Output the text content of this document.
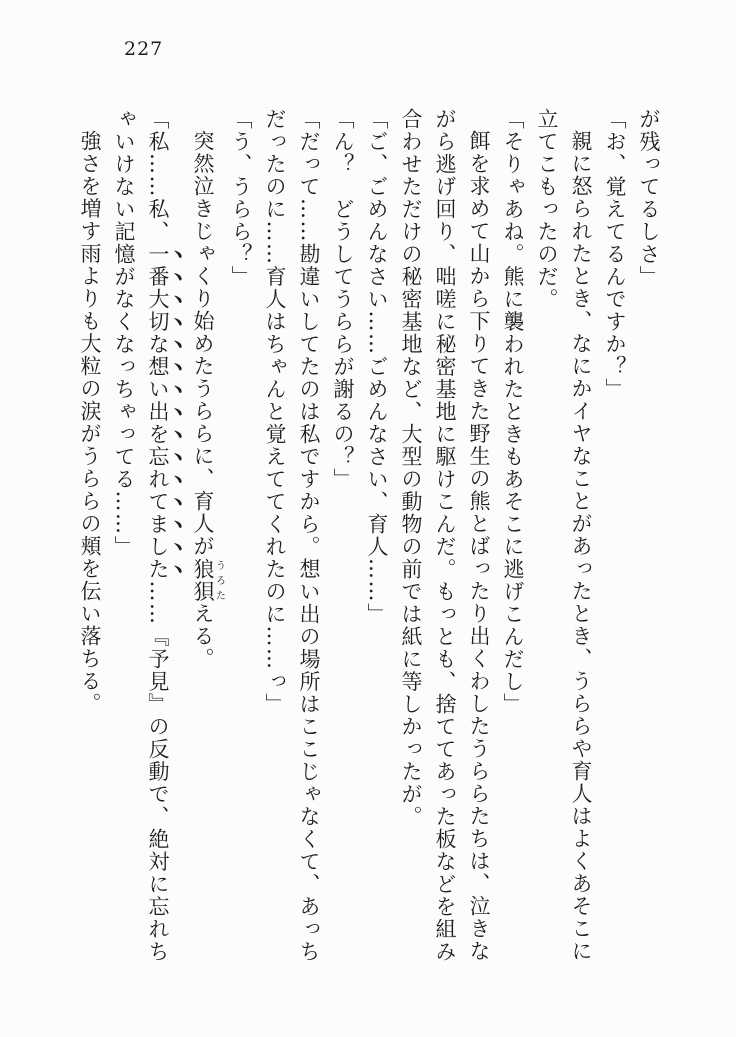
227

が残ってるしさ」

「お、覚えてるんですか？」

親に怒られたとき、なにかイヤなことがあったとき、うららや育人はよくあそこに

立てこもったのだ。

「そりゃあね。熊に襲われたときもあそこに逃げこんだし」

餌を求めて山から下りてきた野生の熊とばったり出くわしたうららたちは、泣きな

がら逃げ回り、咄嗟に秘密基地に駆けこんだ。もっとも、捨ててあった板などを組み

合わせただけの秘密基地など、大型の動物の前では紙に等しかったが。

「ご、ごめんなさい……ごめんなさい、育人……」

「ん？　どうしてうららが謝るの？」

「だって……勘違いしてたのは私ですから。想い出の場所はここじゃなくて、あっち

だったのに……育人はちゃんと覚えててくれたのに……っ」

「う、うらら？」

突然泣きじゃくり始めたうららに、育人が狼狽うろたえる。

「私……私、一番大切な想い出を忘れてました……『予見』の反動で、絶対に忘れち

ゃいけない記憶がなくなっちゃってる……」

強さを増す雨よりも大粒の涙がうららの頬を伝い落ちる。
